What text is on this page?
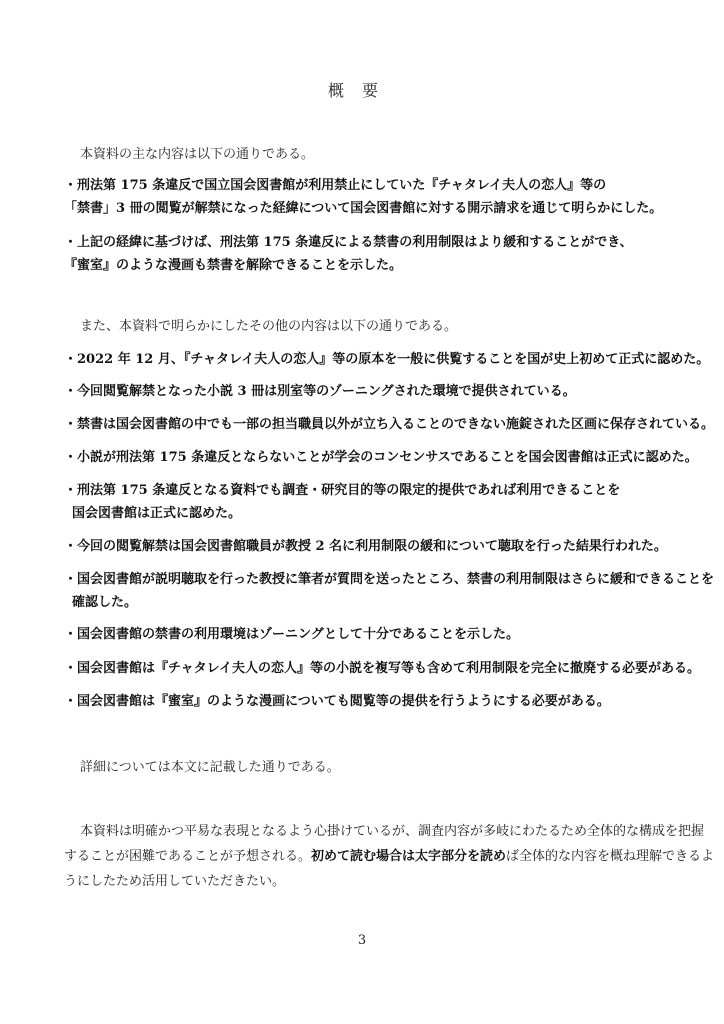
概要
本資料の主な内容は以下の通りである。
・刑法第 175 条違反で国立国会図書館が利用禁止にしていた『チャタレイ夫人の恋人』等の
「禁書」3 冊の閲覧が解禁になった経緯について国会図書館に対する開示請求を通じて明らかにした。
・上記の経緯に基づけば、刑法第 175 条違反による禁書の利用制限はより緩和することができ、
『蜜室』のような漫画も禁書を解除できることを示した。
また、本資料で明らかにしたその他の内容は以下の通りである。
・2022 年 12 月、『チャタレイ夫人の恋人』等の原本を一般に供覧することを国が史上初めて正式に認めた。
・今回閲覧解禁となった小説 3 冊は別室等のゾーニングされた環境で提供されている。
・禁書は国会図書館の中でも一部の担当職員以外が立ち入ることのできない施錠された区画に保存されている。
・小説が刑法第 175 条違反とならないことが学会のコンセンサスであることを国会図書館は正式に認めた。
・刑法第 175 条違反となる資料でも調査・研究目的等の限定的提供であれば利用できることを
国会図書館は正式に認めた。
・今回の閲覧解禁は国会図書館職員が教授 2 名に利用制限の緩和について聴取を行った結果行われた。
・国会図書館が説明聴取を行った教授に筆者が質問を送ったところ、禁書の利用制限はさらに緩和できることを
確認した。
・国会図書館の禁書の利用環境はゾーニングとして十分であることを示した。
・国会図書館は『チャタレイ夫人の恋人』等の小説を複写等も含めて利用制限を完全に撤廃する必要がある。
・国会図書館は『蜜室』のような漫画についても閲覧等の提供を行うようにする必要がある。
詳細については本文に記載した通りである。
本資料は明確かつ平易な表現となるよう心掛けているが、調査内容が多岐にわたるため全体的な構成を把握
することが困難であることが予想される。初めて読む場合は太字部分を読めば全体的な内容を概ね理解できるよ
うにしたため活用していただきたい。
3
